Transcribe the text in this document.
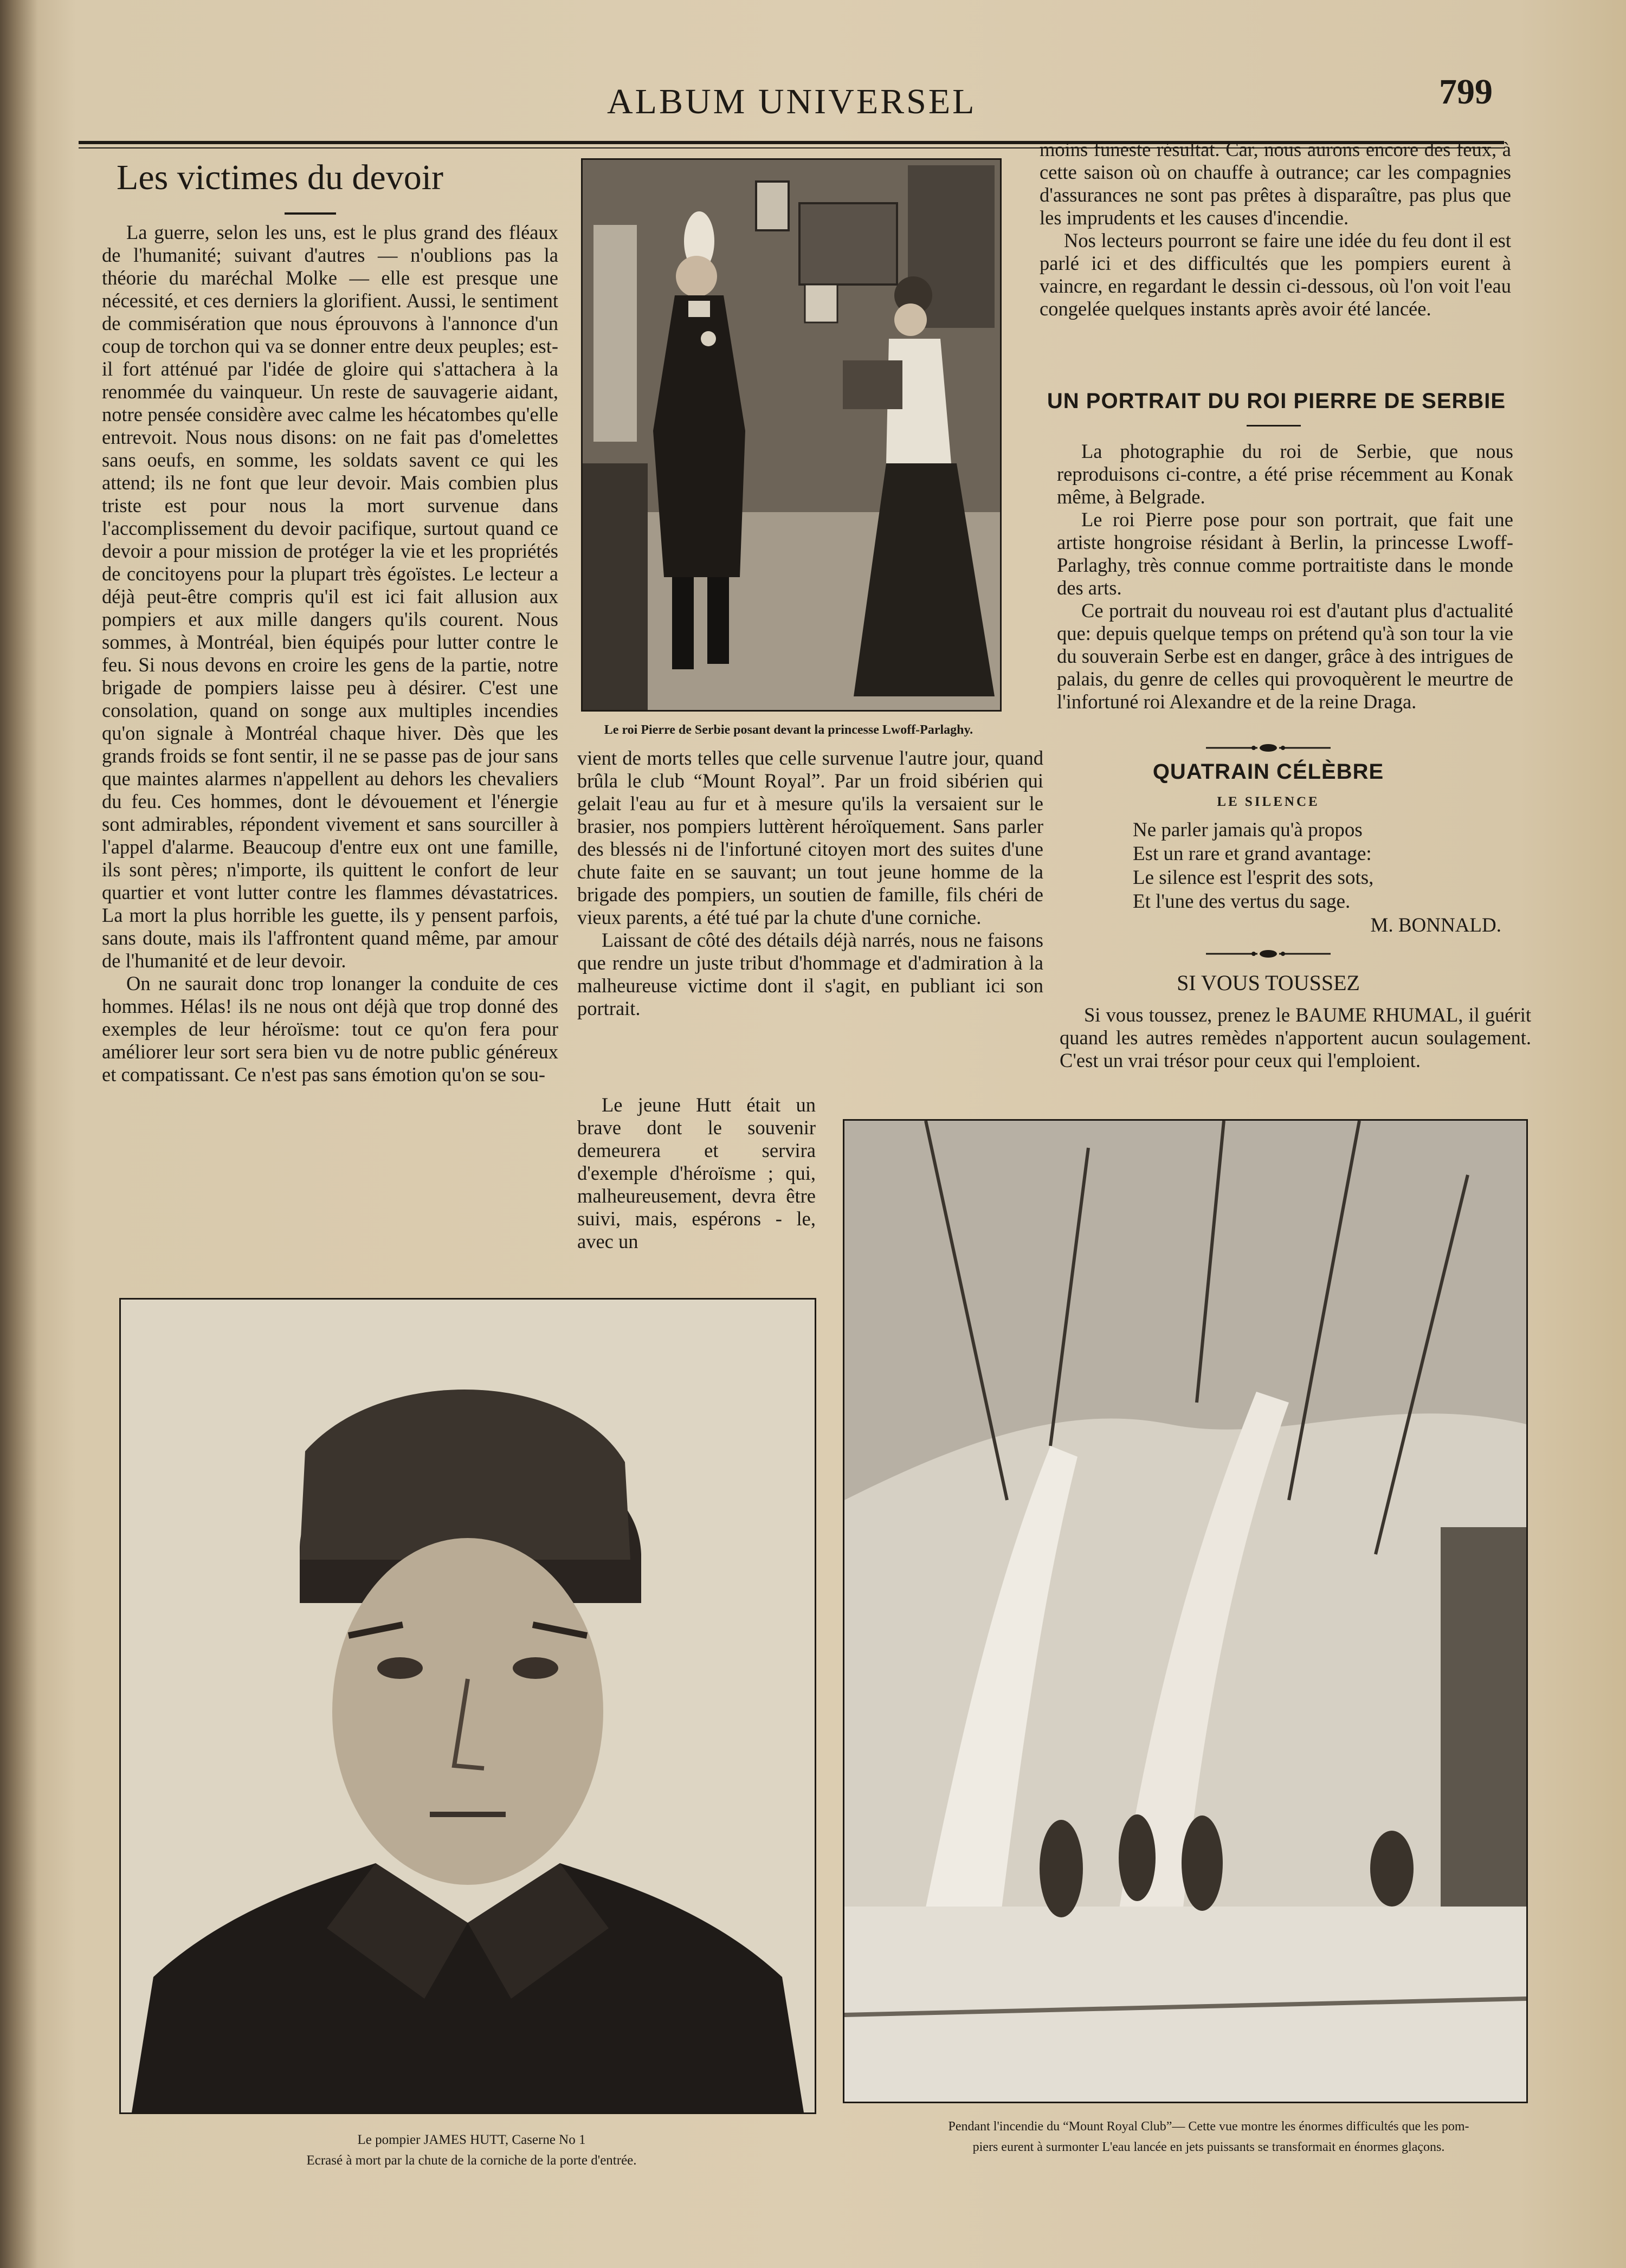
ALBUM UNIVERSEL	799
Les victimes du devoir

La guerre, selon les uns, est le plus grand des fléaux de l'humanité; suivant d'autres — n'oublions pas la théorie du maréchal Molke — elle est presque une nécessité, et ces derniers la glorifient. Aussi, le sentiment de commisération que nous éprouvons à l'annonce d'un coup de torchon qui va se donner entre deux peuples; est-il fort atténué par l'idée de gloire qui s'attachera à la renommée du vainqueur. Un reste de sauvagerie aidant, notre pensée considère avec calme les hécatombes qu'elle entrevoit. Nous nous disons: on ne fait pas d'omelettes sans oeufs, en somme, les soldats savent ce qui les attend; ils ne font que leur devoir. Mais combien plus triste est pour nous la mort survenue dans l'accomplissement du devoir pacifique, surtout quand ce devoir a pour mission de protéger la vie et les propriétés de concitoyens pour la plupart très égoïstes. Le lecteur a déjà peut-être compris qu'il est ici fait allusion aux pompiers et aux mille dangers qu'ils courent. Nous sommes, à Montréal, bien équipés pour lutter contre le feu. Si nous devons en croire les gens de la partie, notre brigade de pompiers laisse peu à désirer. C'est une consolation, quand on songe aux multiples incendies qu'on signale à Montréal chaque hiver. Dès que les grands froids se font sentir, il ne se passe pas de jour sans que maintes alarmes n'appellent au dehors les chevaliers du feu. Ces hommes, dont le dévouement et l'énergie sont admirables, répondent vivement et sans sourciller à l'appel d'alarme. Beaucoup d'entre eux ont une famille, ils sont pères; n'importe, ils quittent le confort de leur quartier et vont lutter contre les flammes dévastatrices. La mort la plus horrible les guette, ils y pensent parfois, sans doute, mais ils l'affrontent quand même, par amour de l'humanité et de leur devoir.

On ne saurait donc trop lonanger la conduite de ces hommes. Hélas! ils ne nous ont déjà que trop donné des exemples de leur héroïsme: tout ce qu'on fera pour améliorer leur sort sera bien vu de notre public généreux et compatissant. Ce n'est pas sans émotion qu'on se sou-

Le roi Pierre de Serbie posant devant la princesse Lwoff-Parlaghy.

vient de morts telles que celle survenue l'autre jour, quand brûla le club “Mount Royal”. Par un froid sibérien qui gelait l'eau au fur et à mesure qu'ils la versaient sur le brasier, nos pompiers luttèrent héroïquement. Sans parler des blessés ni de l'infortuné citoyen mort des suites d'une chute faite en se sauvant; un tout jeune homme de la brigade des pompiers, un soutien de famille, fils chéri de vieux parents, a été tué par la chute d'une corniche.

Laissant de côté des détails déjà narrés, nous ne faisons que rendre un juste tribut d'hommage et d'admiration à la malheureuse victime dont il s'agit, en publiant ici son portrait.

Le jeune Hutt était un brave dont le souvenir demeurera et servira d'exemple d'héroïsme ; qui, malheureusement, devra être suivi, mais, espérons - le, avec un

moins funeste résultat. Car, nous aurons encore des feux, à cette saison où on chauffe à outrance; car les compagnies d'assurances ne sont pas prêtes à disparaître, pas plus que les imprudents et les causes d'incendie.

Nos lecteurs pourront se faire une idée du feu dont il est parlé ici et des difficultés que les pompiers eurent à vaincre, en regardant le dessin ci-dessous, où l'on voit l'eau congelée quelques instants après avoir été lancée.

UN PORTRAIT DU ROI PIERRE DE SERBIE

La photographie du roi de Serbie, que nous reproduisons ci-contre, a été prise récemment au Konak même, à Belgrade.

Le roi Pierre pose pour son portrait, que fait une artiste hongroise résidant à Berlin, la princesse Lwoff-Parlaghy, très connue comme portraitiste dans le monde des arts.

Ce portrait du nouveau roi est d'autant plus d'actualité que: depuis quelque temps on prétend qu'à son tour la vie du souverain Serbe est en danger, grâce à des intrigues de palais, du genre de celles qui provoquèrent le meurtre de l'infortuné roi Alexandre et de la reine Draga.

QUATRAIN CÉLÈBRE
LE SILENCE
Ne parler jamais qu'à propos
Est un rare et grand avantage:
Le silence est l'esprit des sots,
Et l'une des vertus du sage.
M. BONNALD.
SI VOUS TOUSSEZ

Si vous toussez, prenez le BAUME RHUMAL, il guérit quand les autres remèdes n'apportent aucun soulagement. C'est un vrai trésor pour ceux qui l'emploient.

Le pompier JAMES HUTT, Caserne No 1
Ecrasé à mort par la chute de la corniche de la porte d'entrée.
Pendant l'incendie du “Mount Royal Club”— Cette vue montre les énormes difficultés que les pom-
piers eurent à surmonter L'eau lancée en jets puissants se transformait en énormes glaçons.
